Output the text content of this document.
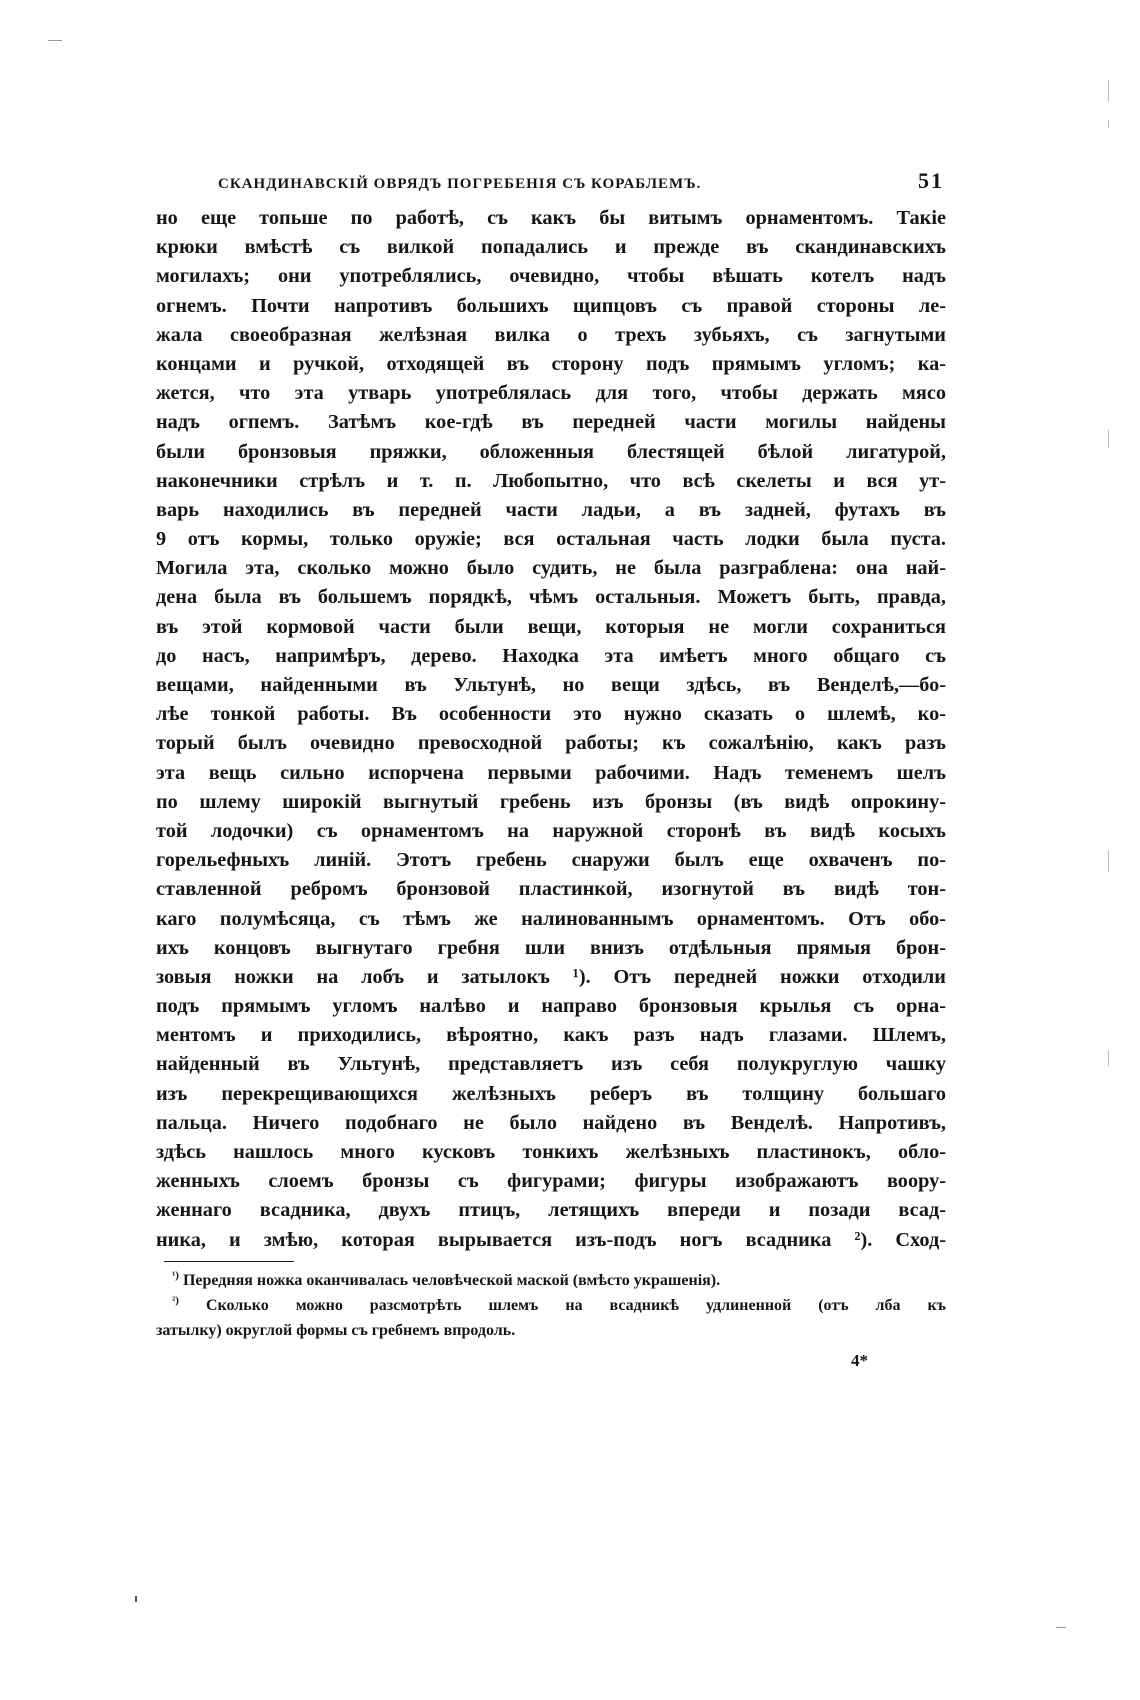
СКАНДИНАВСКІЙ ОВРЯДЪ ПОГРЕБЕНІЯ СЪ КОРАБЛЕМЪ.	51
но еще топьше по работѣ, съ какъ бы витымъ орнаментомъ. Такіе
крюки вмѣстѣ съ вилкой попадались и прежде въ скандинавскихъ
могилахъ; они употреблялись, очевидно, чтобы вѣшать котелъ надъ
огнемъ. Почти напротивъ большихъ щипцовъ съ правой стороны ле-
жала своеобразная желѣзная вилка о трехъ зубьяхъ, съ загнутыми
концами и ручкой, отходящей въ сторону подъ прямымъ угломъ; ка-
жется, что эта утварь употреблялась для того, чтобы держать мясо
надъ огпемъ. Затѣмъ кое-гдѣ въ передней части могилы найдены
были бронзовыя пряжки, обложенныя блестящей бѣлой лигатурой,
наконечники стрѣлъ и т. п. Любопытно, что всѣ скелеты и вся ут-
варь находились въ передней части ладьи, а въ задней, футахъ въ
9 отъ кормы, только оружіе; вся остальная часть лодки была пуста.
Могила эта, сколько можно было судить, не была разграблена: она най-
дена была въ большемъ порядкѣ, чѣмъ остальныя. Можетъ быть, правда,
въ этой кормовой части были вещи, которыя не могли сохраниться
до насъ, напримѣръ, дерево. Находка эта имѣетъ много общаго съ
вещами, найденными въ Ультунѣ, но вещи здѣсь, въ Венделѣ,—бо-
лѣе тонкой работы. Въ особенности это нужно сказать о шлемѣ, ко-
торый былъ очевидно превосходной работы; къ сожалѣнію, какъ разъ
эта вещь сильно испорчена первыми рабочими. Надъ теменемъ шелъ
по шлему широкій выгнутый гребень изъ бронзы (въ видѣ опрокину-
той лодочки) съ орнаментомъ на наружной сторонѣ въ видѣ косыхъ
горельефныхъ линій. Этотъ гребень снаружи былъ еще охваченъ по-
ставленной ребромъ бронзовой пластинкой, изогнутой въ видѣ тон-
каго полумѣсяца, съ тѣмъ же налинованнымъ орнаментомъ. Отъ обо-
ихъ концовъ выгнутаго гребня шли внизъ отдѣльныя прямыя брон-
зовыя ножки на лобъ и затылокъ ¹). Отъ передней ножки отходили
подъ прямымъ угломъ налѣво и направо бронзовыя крылья съ орна-
ментомъ и приходились, вѣроятно, какъ разъ надъ глазами. Шлемъ,
найденный въ Ультунѣ, представляетъ изъ себя полукруглую чашку
изъ перекрещивающихся желѣзныхъ реберъ въ толщину большаго
пальца. Ничего подобнаго не было найдено въ Венделѣ. Напротивъ,
здѣсь нашлось много кусковъ тонкихъ желѣзныхъ пластинокъ, обло-
женныхъ слоемъ бронзы съ фигурами; фигуры изображаютъ воору-
женнаго всадника, двухъ птицъ, летящихъ впереди и позади всад-
ника, и змѣю, которая вырывается изъ-подъ ногъ всадника ²). Сход-
$^{^1)}$ Передняя ножка оканчивалась человѣческой маской (вмѣсто украшенія).
$^{^2)}$ Сколько можно разсмотрѣть шлемъ на всадникѣ удлиненной (отъ лба къ
затылку) округлой формы съ гребнемъ впродоль.
4*
